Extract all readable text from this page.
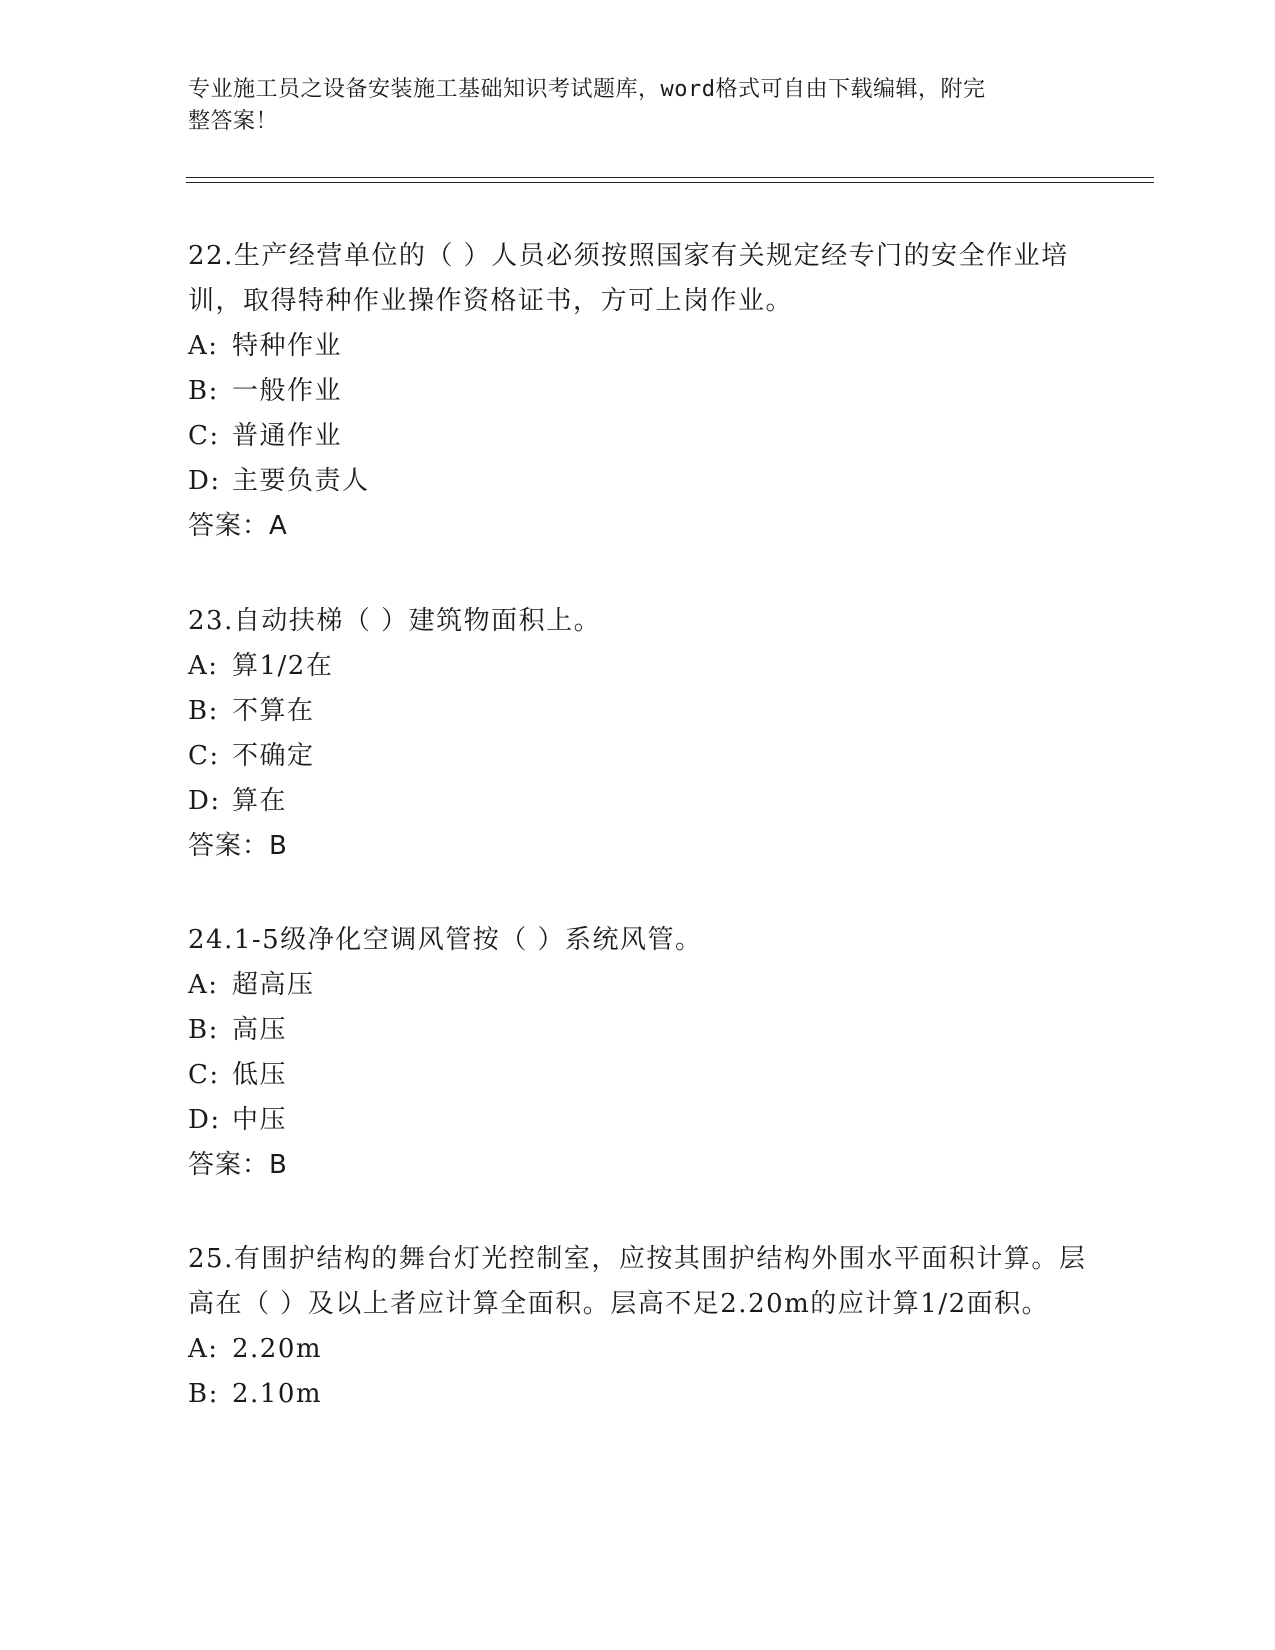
专业施工员之设备安装施工基础知识考试题库，word格式可自由下载编辑，附完
整答案！

22.生产经营单位的（ ）人员必须按照国家有关规定经专门的安全作业培训，取得特种作业操作资格证书，方可上岗作业。

A: 特种作业
B: 一般作业
C: 普通作业
D: 主要负责人
答案：A

23.自动扶梯（ ）建筑物面积上。

A: 算1/2在
B: 不算在
C: 不确定
D: 算在
答案：B

24.1-5级净化空调风管按（ ）系统风管。

A: 超高压
B: 高压
C: 低压
D: 中压
答案：B

25.有围护结构的舞台灯光控制室，应按其围护结构外围水平面积计算。层高在（ ）及以上者应计算全面积。层高不足2.20m的应计算1/2面积。

A: 2.20m
B: 2.10m
